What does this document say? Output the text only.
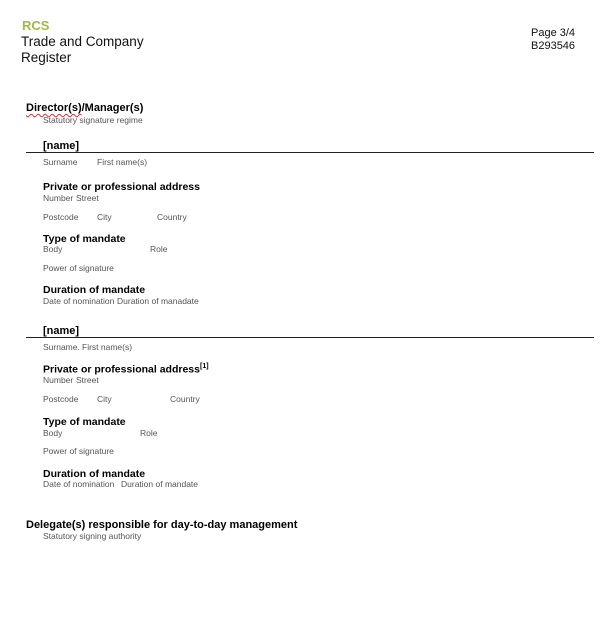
RCS
Trade and Company
Register
Page 3/4
B293546
Director(s)/Manager(s)
Statutory signature regime
[name]
Surname First name(s)
Private or professional address
Number Street
Postcode City	Country
Type of mandate
Body	Role
Power of signature
Duration of mandate
Date of nomination Duration of manadate
[name]
Surname. First name(s)
Private or professional address[1]
Number Street
Postcode City	Country
Type of mandate
Body	Role
Power of signature
Duration of mandate
Date of nomination Duration of mandate
Delegate(s) responsible for day-to-day management
Statutory signing authority
